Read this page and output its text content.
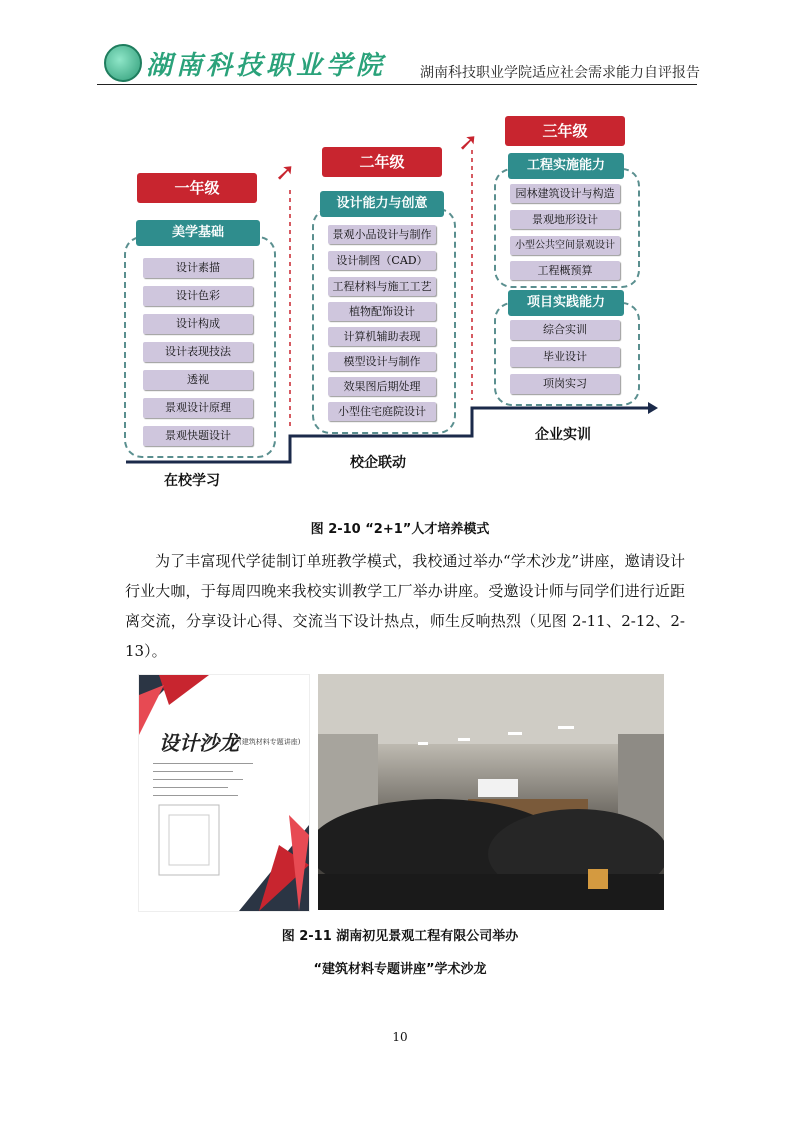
湖南科技职业学院 湖南科技职业学院适应社会需求能力自评报告
一年级
二年级
三年级
➚
➚
美学基础
设计素描
设计色彩
设计构成
设计表现技法
透视
景观设计原理
景观快题设计
设计能力与创意
景观小品设计与制作
设计制图（CAD）
工程材料与施工工艺
植物配饰设计
计算机辅助表现
模型设计与制作
效果图后期处理
小型住宅庭院设计
工程实施能力
园林建筑设计与构造
景观地形设计
小型公共空间景观设计
工程概预算
项目实践能力
综合实训
毕业设计
项岗实习
在校学习
校企联动
企业实训
图 2-10 “2+1”人才培养模式

为了丰富现代学徒制订单班教学模式，我校通过举办“学术沙龙”讲座，邀请设计行业大咖，于每周四晚来我校实训教学工厂举办讲座。受邀设计师与同学们进行近距离交流，分享设计心得、交流当下设计热点，师生反响热烈（见图 2-11、2-12、2-13）。

设计沙龙 (建筑材料专题讲座)
图 2-11 湖南初见景观工程有限公司举办
“建筑材料专题讲座”学术沙龙
10
